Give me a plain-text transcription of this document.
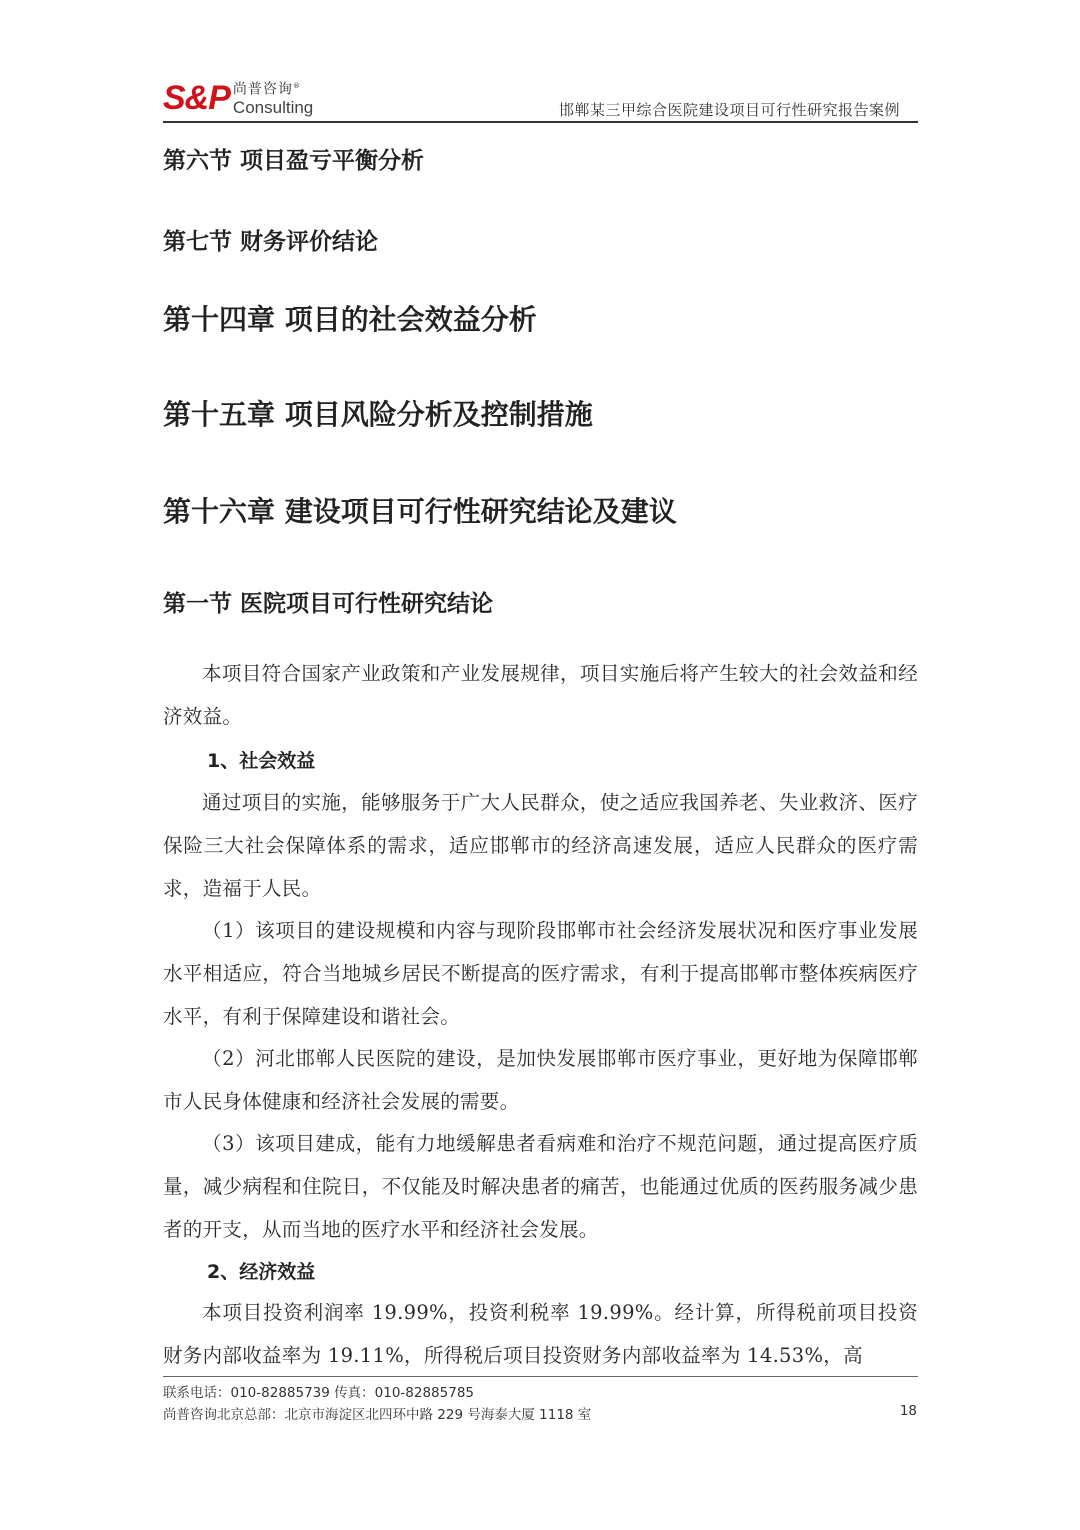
S&P 尚普咨询®
Consulting	邯郸某三甲综合医院建设项目可行性研究报告案例
第六节 项目盈亏平衡分析
第七节 财务评价结论
第十四章 项目的社会效益分析
第十五章 项目风险分析及控制措施
第十六章 建设项目可行性研究结论及建议
第一节 医院项目可行性研究结论
本项目符合国家产业政策和产业发展规律，项目实施后将产生较大的社会效益和经济效益。
1、社会效益
通过项目的实施，能够服务于广大人民群众，使之适应我国养老、失业救济、医疗保险三大社会保障体系的需求，适应邯郸市的经济高速发展，适应人民群众的医疗需求，造福于人民。
（1）该项目的建设规模和内容与现阶段邯郸市社会经济发展状况和医疗事业发展水平相适应，符合当地城乡居民不断提高的医疗需求，有利于提高邯郸市整体疾病医疗水平，有利于保障建设和谐社会。
（2）河北邯郸人民医院的建设，是加快发展邯郸市医疗事业，更好地为保障邯郸市人民身体健康和经济社会发展的需要。
（3）该项目建成，能有力地缓解患者看病难和治疗不规范问题，通过提高医疗质量，减少病程和住院日，不仅能及时解决患者的痛苦，也能通过优质的医药服务减少患者的开支，从而当地的医疗水平和经济社会发展。
2、经济效益
本项目投资利润率 19.99%，投资利税率 19.99%。经计算，所得税前项目投资财务内部收益率为 19.11%，所得税后项目投资财务内部收益率为 14.53%，高
联系电话：010-82885739 传真：010-82885785
尚普咨询北京总部：北京市海淀区北四环中路 229 号海泰大厦 1118 室	18
